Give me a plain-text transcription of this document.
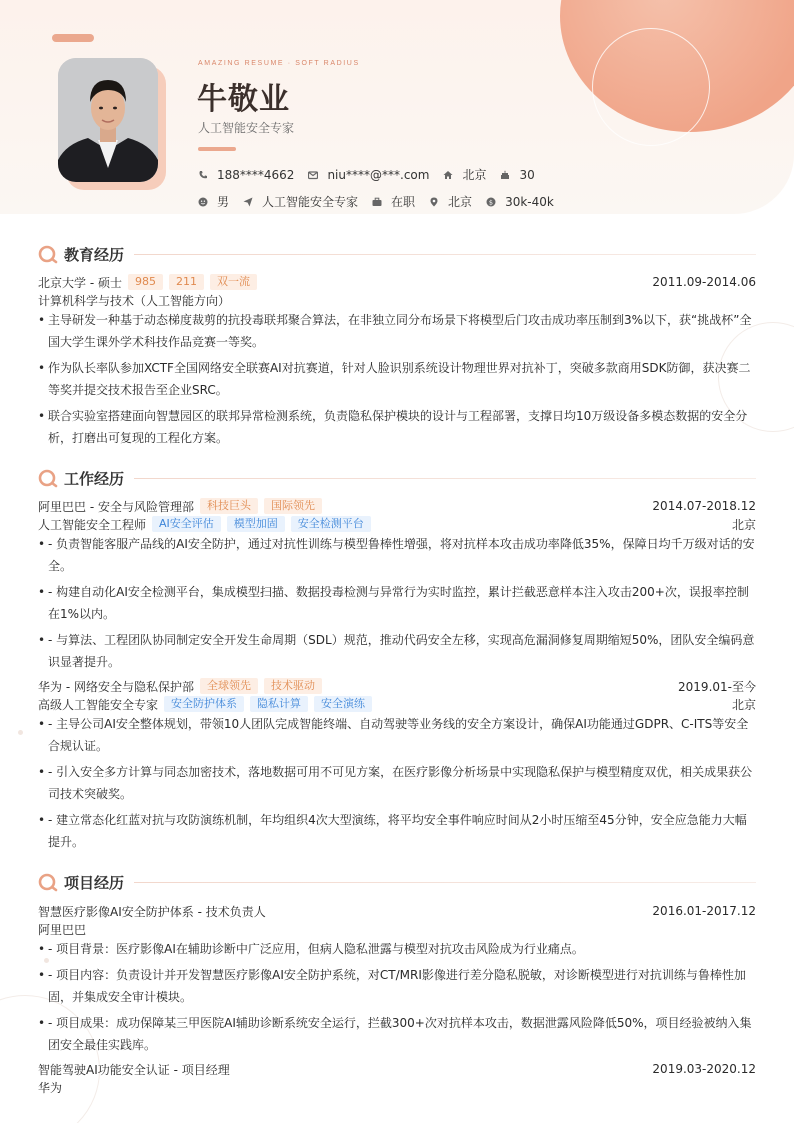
AMAZING RESUME · SOFT RADIUS
牛敬业
人工智能安全专家
188****4662	niu****@***.com	北京	30
男	人工智能安全专家	在职	北京	$ 30k-40k
教育经历
北京大学 - 硕士	985	211	双一流	2011.09-2014.06
计算机科学与技术（人工智能方向）
• 主导研发一种基于动态梯度裁剪的抗投毒联邦聚合算法，在非独立同分布场景下将模型后门攻击成功率压制到3%以下，获“挑战杯”全国大学生课外学术科技作品竞赛一等奖。
• 作为队长率队参加XCTF全国网络安全联赛AI对抗赛道，针对人脸识别系统设计物理世界对抗补丁，突破多款商用SDK防御，获决赛二等奖并提交技术报告至企业SRC。
• 联合实验室搭建面向智慧园区的联邦异常检测系统，负责隐私保护模块的设计与工程部署，支撑日均10万级设备多模态数据的安全分析，打磨出可复现的工程化方案。
工作经历
阿里巴巴 - 安全与风险管理部	科技巨头	国际领先	2014.07-2018.12
人工智能安全工程师	AI安全评估	模型加固	安全检测平台	北京
• - 负责智能客服产品线的AI安全防护，通过对抗性训练与模型鲁棒性增强，将对抗样本攻击成功率降低35%，保障日均千万级对话的安全。
• - 构建自动化AI安全检测平台，集成模型扫描、数据投毒检测与异常行为实时监控，累计拦截恶意样本注入攻击200+次，误报率控制在1%以内。
• - 与算法、工程团队协同制定安全开发生命周期（SDL）规范，推动代码安全左移，实现高危漏洞修复周期缩短50%，团队安全编码意识显著提升。
华为 - 网络安全与隐私保护部	全球领先	技术驱动	2019.01-至今
高级人工智能安全专家	安全防护体系	隐私计算	安全演练	北京
• - 主导公司AI安全整体规划，带领10人团队完成智能终端、自动驾驶等业务线的安全方案设计，确保AI功能通过GDPR、C-ITS等安全合规认证。
• - 引入安全多方计算与同态加密技术，落地数据可用不可见方案，在医疗影像分析场景中实现隐私保护与模型精度双优，相关成果获公司技术突破奖。
• - 建立常态化红蓝对抗与攻防演练机制，年均组织4次大型演练，将平均安全事件响应时间从2小时压缩至45分钟，安全应急能力大幅提升。
项目经历
智慧医疗影像AI安全防护体系 - 技术负责人	2016.01-2017.12
阿里巴巴
• - 项目背景：医疗影像AI在辅助诊断中广泛应用，但病人隐私泄露与模型对抗攻击风险成为行业痛点。
• - 项目内容：负责设计并开发智慧医疗影像AI安全防护系统，对CT/MRI影像进行差分隐私脱敏，对诊断模型进行对抗训练与鲁棒性加固，并集成安全审计模块。
• - 项目成果：成功保障某三甲医院AI辅助诊断系统安全运行，拦截300+次对抗样本攻击，数据泄露风险降低50%，项目经验被纳入集团安全最佳实践库。
智能驾驶AI功能安全认证 - 项目经理	2019.03-2020.12
华为
